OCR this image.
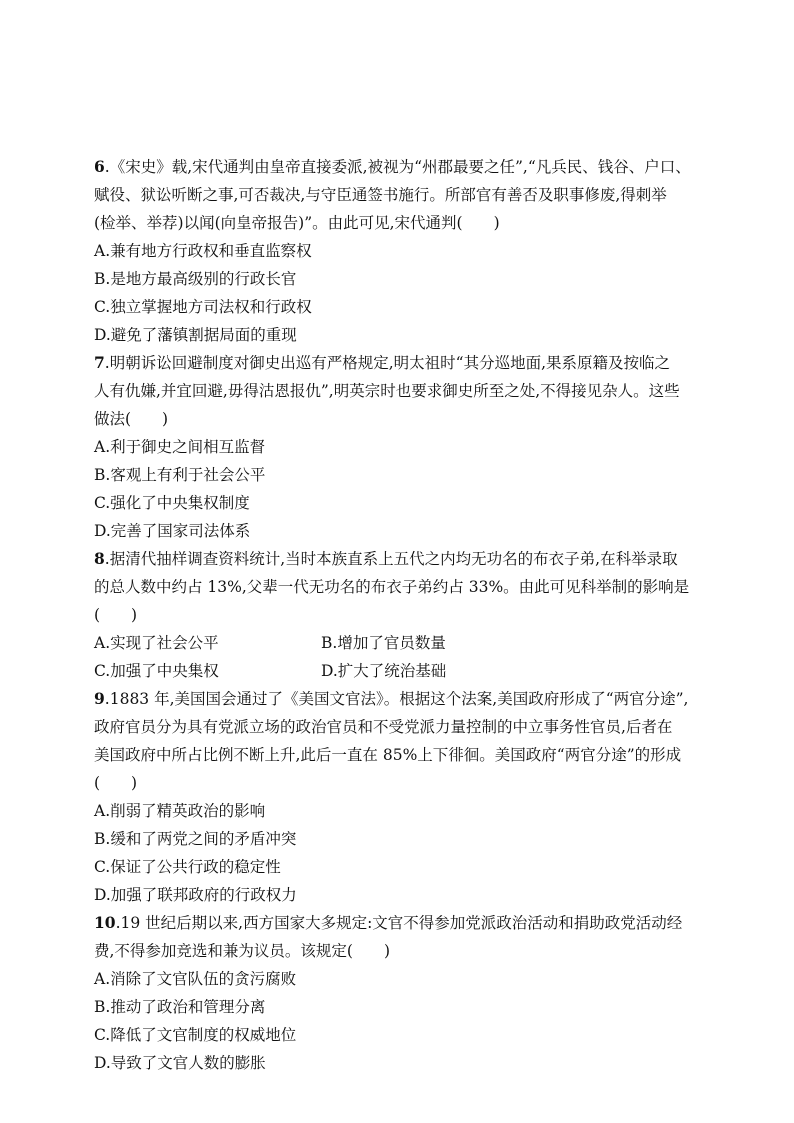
6.《宋史》载,宋代通判由皇帝直接委派,被视为“州郡最要之任”,“凡兵民、钱谷、户口、
赋役、狱讼听断之事,可否裁决,与守臣通签书施行。所部官有善否及职事修废,得刺举
(检举、举荐)以闻(向皇帝报告)”。由此可见,宋代通判(　　)
A.兼有地方行政权和垂直监察权
B.是地方最高级别的行政长官
C.独立掌握地方司法权和行政权
D.避免了藩镇割据局面的重现
7.明朝诉讼回避制度对御史出巡有严格规定,明太祖时“其分巡地面,果系原籍及按临之
人有仇嫌,并宜回避,毋得沽恩报仇”,明英宗时也要求御史所至之处,不得接见杂人。这些
做法(　　)
A.利于御史之间相互监督
B.客观上有利于社会公平
C.强化了中央集权制度
D.完善了国家司法体系
8.据清代抽样调查资料统计,当时本族直系上五代之内均无功名的布衣子弟,在科举录取
的总人数中约占 13%,父辈一代无功名的布衣子弟约占 33%。由此可见科举制的影响是
(　　)
A.实现了社会公平	B.增加了官员数量
C.加强了中央集权	D.扩大了统治基础
9.1883 年,美国国会通过了《美国文官法》。根据这个法案,美国政府形成了“两官分途”,
政府官员分为具有党派立场的政治官员和不受党派力量控制的中立事务性官员,后者在
美国政府中所占比例不断上升,此后一直在 85%上下徘徊。美国政府“两官分途”的形成
(　　)
A.削弱了精英政治的影响
B.缓和了两党之间的矛盾冲突
C.保证了公共行政的稳定性
D.加强了联邦政府的行政权力
10.19 世纪后期以来,西方国家大多规定:文官不得参加党派政治活动和捐助政党活动经
费,不得参加竞选和兼为议员。该规定(　　)
A.消除了文官队伍的贪污腐败
B.推动了政治和管理分离
C.降低了文官制度的权威地位
D.导致了文官人数的膨胀
